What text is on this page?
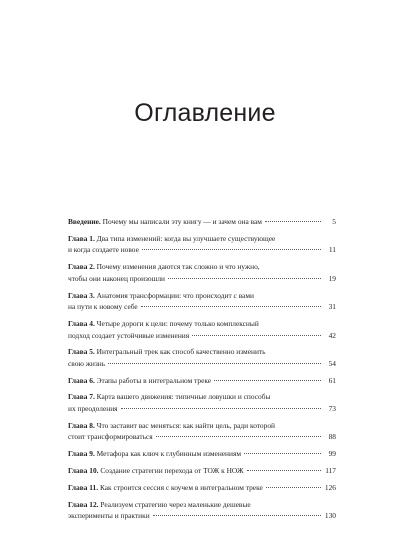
Оглавление
Введение. Почему мы написали эту книгу — и зачем она вам	5
Глава 1. Два типа изменений: когда вы улучшаете существующее
и когда создаете новое	11
Глава 2. Почему изменения даются так сложно и что нужно,
чтобы они наконец произошли	19
Глава 3. Анатомия трансформации: что происходит с вами
на пути к новому себе	31
Глава 4. Четыре дороги к цели: почему только комплексный
подход создает устойчивые изменения	42
Глава 5. Интегральный трек как способ качественно изменить
свою жизнь	54
Глава 6. Этапы работы в интегральном треке	61
Глава 7. Карта вашего движения: типичные ловушки и способы
их преодоления	73
Глава 8. Что заставит вас меняться: как найти цель, ради которой
стоит трансформироваться	88
Глава 9. Метафора как ключ к глубинным изменениям	99
Глава 10. Создание стратегии перехода от ТОЖ к НОЖ	117
Глава 11. Как строится сессия с коучем в интегральном треке	126
Глава 12. Реализуем стратегию через маленькие дешевые
эксперименты и практики	130
